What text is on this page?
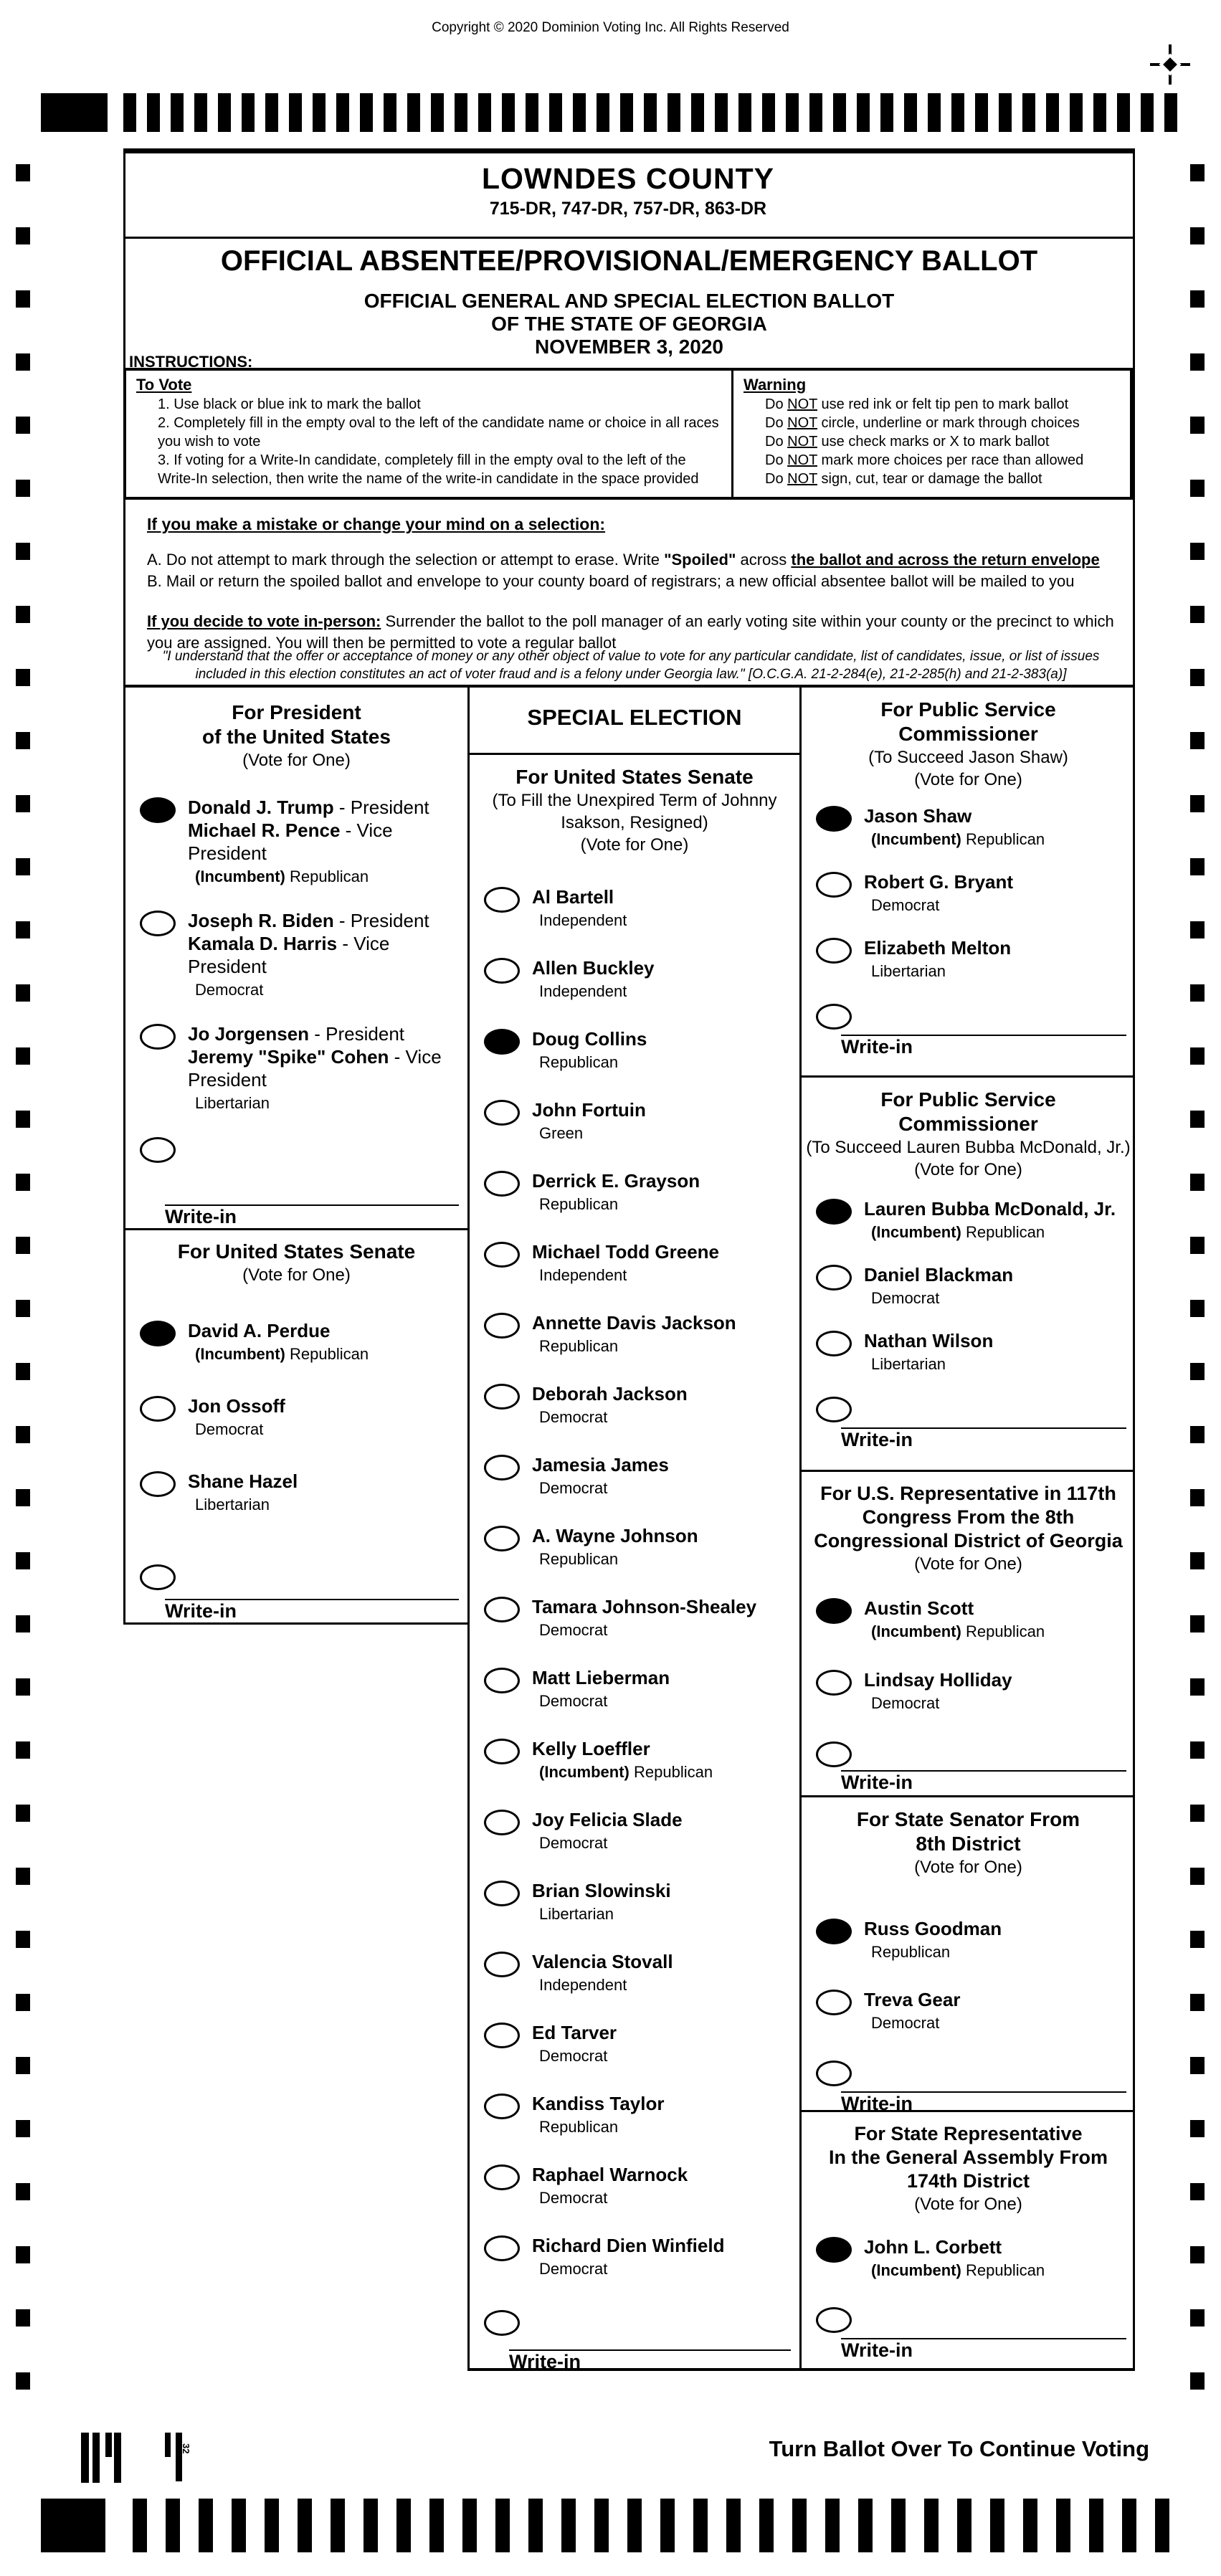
Copyright © 2020 Dominion Voting Inc. All Rights Reserved
32
LOWNDES COUNTY
715-DR, 747-DR, 757-DR, 863-DR
OFFICIAL ABSENTEE/PROVISIONAL/EMERGENCY BALLOT
OFFICIAL GENERAL AND SPECIAL ELECTION BALLOT
OF THE STATE OF GEORGIA
NOVEMBER 3, 2020
INSTRUCTIONS:
To Vote
1. Use black or blue ink to mark the ballot
2. Completely fill in the empty oval to the left of the candidate name or choice in all races you wish to vote
3. If voting for a Write-In candidate, completely fill in the empty oval to the left of the Write-In selection, then write the name of the write-in candidate in the space provided
Warning
Do NOT use red ink or felt tip pen to mark ballot
Do NOT circle, underline or mark through choices
Do NOT use check marks or X to mark ballot
Do NOT mark more choices per race than allowed
Do NOT sign, cut, tear or damage the ballot
If you make a mistake or change your mind on a selection:
A. Do not attempt to mark through the selection or attempt to erase. Write "Spoiled" across the ballot and across the return envelope
B. Mail or return the spoiled ballot and envelope to your county board of registrars; a new official absentee ballot will be mailed to you
If you decide to vote in-person: Surrender the ballot to the poll manager of an early voting site within your county or the precinct to which you are assigned. You will then be permitted to vote a regular ballot
"I understand that the offer or acceptance of money or any other object of value to vote for any particular candidate, list of candidates, issue, or list of issues included in this election constitutes an act of voter fraud and is a felony under Georgia law." [O.C.G.A. 21-2-284(e), 21-2-285(h) and 21-2-383(a)]
For President
of the United States
(Vote for One)
Donald J. Trump - President
Michael R. Pence - Vice President
(Incumbent) Republican
Joseph R. Biden - President
Kamala D. Harris - Vice President
Democrat
Jo Jorgensen - President
Jeremy "Spike" Cohen - Vice President
Libertarian
Write-in
For United States Senate
(Vote for One)
David A. Perdue
(Incumbent) Republican
Jon Ossoff
Democrat
Shane Hazel
Libertarian
Write-in
SPECIAL ELECTION
For United States Senate
(To Fill the Unexpired Term of Johnny
Isakson, Resigned)
(Vote for One)
Al Bartell
Independent
Allen Buckley
Independent
Doug Collins
Republican
John Fortuin
Green
Derrick E. Grayson
Republican
Michael Todd Greene
Independent
Annette Davis Jackson
Republican
Deborah Jackson
Democrat
Jamesia James
Democrat
A. Wayne Johnson
Republican
Tamara Johnson-Shealey
Democrat
Matt Lieberman
Democrat
Kelly Loeffler
(Incumbent) Republican
Joy Felicia Slade
Democrat
Brian Slowinski
Libertarian
Valencia Stovall
Independent
Ed Tarver
Democrat
Kandiss Taylor
Republican
Raphael Warnock
Democrat
Richard Dien Winfield
Democrat
Write-in
For Public Service
Commissioner
(To Succeed Jason Shaw)
(Vote for One)
Jason Shaw
(Incumbent) Republican
Robert G. Bryant
Democrat
Elizabeth Melton
Libertarian
Write-in
For Public Service
Commissioner
(To Succeed Lauren Bubba McDonald, Jr.)
(Vote for One)
Lauren Bubba McDonald, Jr.
(Incumbent) Republican
Daniel Blackman
Democrat
Nathan Wilson
Libertarian
Write-in
For U.S. Representative in 117th
Congress From the 8th
Congressional District of Georgia
(Vote for One)
Austin Scott
(Incumbent) Republican
Lindsay Holliday
Democrat
Write-in
For State Senator From
8th District
(Vote for One)
Russ Goodman
Republican
Treva Gear
Democrat
Write-in
For State Representative
In the General Assembly From
174th District
(Vote for One)
John L. Corbett
(Incumbent) Republican
Write-in
Turn Ballot Over To Continue Voting
